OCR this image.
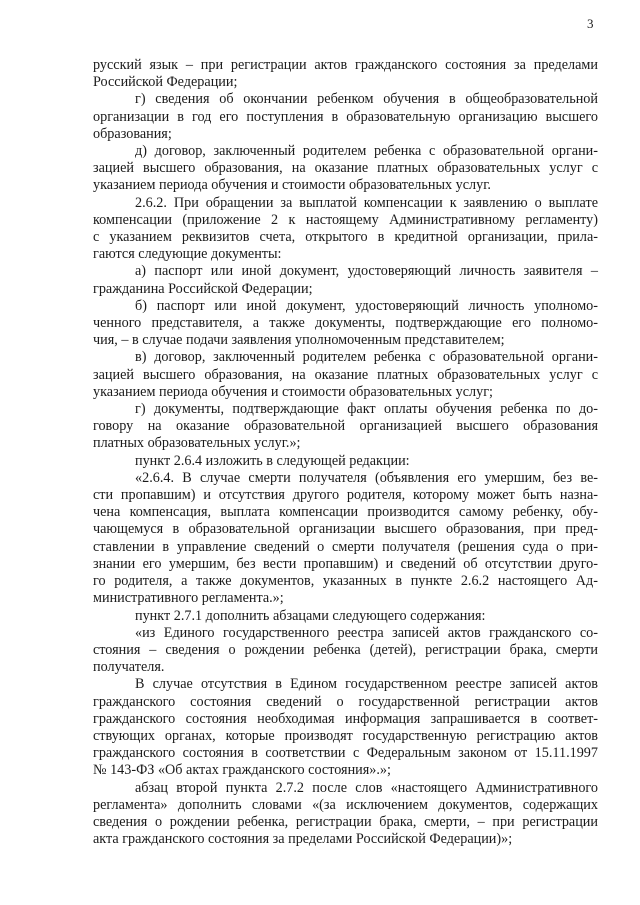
3

русский язык – при регистрации актов гражданского состояния за пределами

Российской Федерации;

г) сведения об окончании ребенком обучения в общеобразовательной

организации в год его поступления в образовательную организацию высшего

образования;

д) договор, заключенный родителем ребенка с образовательной органи-

зацией высшего образования, на оказание платных образовательных услуг с

указанием периода обучения и стоимости образовательных услуг.

2.6.2. При обращении за выплатой компенсации к заявлению о выплате

компенсации (приложение 2 к настоящему Административному регламенту)

с указанием реквизитов счета, открытого в кредитной организации, прила-

гаются следующие документы:

а) паспорт или иной документ, удостоверяющий личность заявителя –

гражданина Российской Федерации;

б) паспорт или иной документ, удостоверяющий личность уполномо-

ченного представителя, а также документы, подтверждающие его полномо-

чия, – в случае подачи заявления уполномоченным представителем;

в) договор, заключенный родителем ребенка с образовательной органи-

зацией высшего образования, на оказание платных образовательных услуг с

указанием периода обучения и стоимости образовательных услуг;

г) документы, подтверждающие факт оплаты обучения ребенка по до-

говору на оказание образовательной организацией высшего образования

платных образовательных услуг.»;

пункт 2.6.4 изложить в следующей редакции:

«2.6.4. В случае смерти получателя (объявления его умершим, без ве-

сти пропавшим) и отсутствия другого родителя, которому может быть назна-

чена компенсация, выплата компенсации производится самому ребенку, обу-

чающемуся в образовательной организации высшего образования, при пред-

ставлении в управление сведений о смерти получателя (решения суда о при-

знании его умершим, без вести пропавшим) и сведений об отсутствии друго-

го родителя, а также документов, указанных в пункте 2.6.2 настоящего Ад-

министративного регламента.»;

пункт 2.7.1 дополнить абзацами следующего содержания:

«из Единого государственного реестра записей актов гражданского со-

стояния – сведения о рождении ребенка (детей), регистрации брака, смерти

получателя.

В случае отсутствия в Едином государственном реестре записей актов

гражданского состояния сведений о государственной регистрации актов

гражданского состояния необходимая информация запрашивается в соответ-

ствующих органах, которые производят государственную регистрацию актов

гражданского состояния в соответствии с Федеральным законом от 15.11.1997

№ 143-ФЗ «Об актах гражданского состояния».»;

абзац второй пункта 2.7.2 после слов «настоящего Административного

регламента» дополнить словами «(за исключением документов, содержащих

сведения о рождении ребенка, регистрации брака, смерти, – при регистрации

акта гражданского состояния за пределами Российской Федерации)»;
